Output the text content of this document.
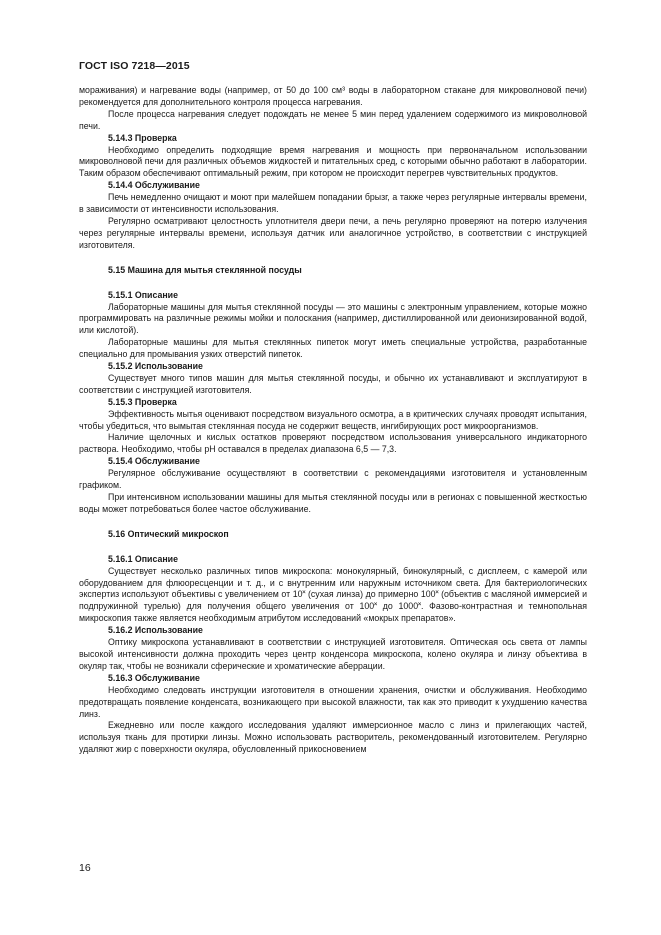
ГОСТ ISO 7218—2015

мораживания) и нагревание воды (например, от 50 до 100 см³ воды в лабораторном стакане для микроволновой печи) рекомендуется для дополнительного контроля процесса нагревания.

После процесса нагревания следует подождать не менее 5 мин перед удалением содержимого из микроволновой печи.

5.14.3 Проверка

Необходимо определить подходящие время нагревания и мощность при первоначальном использовании микроволновой печи для различных объемов жидкостей и питательных сред, с которыми обычно работают в лаборатории. Таким образом обеспечивают оптимальный режим, при котором не происходит перегрев чувствительных продуктов.

5.14.4 Обслуживание

Печь немедленно очищают и моют при малейшем попадании брызг, а также через регулярные интервалы времени, в зависимости от интенсивности использования.

Регулярно осматривают целостность уплотнителя двери печи, а печь регулярно проверяют на потерю излучения через регулярные интервалы времени, используя датчик или аналогичное устройство, в соответствии с инструкцией изготовителя.

5.15 Машина для мытья стеклянной посуды
5.15.1 Описание

Лабораторные машины для мытья стеклянной посуды — это машины с электронным управлением, которые можно программировать на различные режимы мойки и полоскания (например, дистиллированной или деионизированной водой, или кислотой).

Лабораторные машины для мытья стеклянных пипеток могут иметь специальные устройства, разработанные специально для промывания узких отверстий пипеток.

5.15.2 Использование

Существует много типов машин для мытья стеклянной посуды, и обычно их устанавливают и эксплуатируют в соответствии с инструкцией изготовителя.

5.15.3 Проверка

Эффективность мытья оценивают посредством визуального осмотра, а в критических случаях проводят испытания, чтобы убедиться, что вымытая стеклянная посуда не содержит веществ, ингибирующих рост микроорганизмов.

Наличие щелочных и кислых остатков проверяют посредством использования универсального индикаторного раствора. Необходимо, чтобы pH оставался в пределах диапазона 6,5 — 7,3.

5.15.4 Обслуживание

Регулярное обслуживание осуществляют в соответствии с рекомендациями изготовителя и установленным графиком.

При интенсивном использовании машины для мытья стеклянной посуды или в регионах с повышенной жесткостью воды может потребоваться более частое обслуживание.

5.16 Оптический микроскоп
5.16.1 Описание

Существует несколько различных типов микроскопа: монокулярный, бинокулярный, с дисплеем, с камерой или оборудованием для флюоресценции и т. д., и с внутренним или наружным источником света. Для бактериологических экспертиз используют объективы с увеличением от 10˟ (сухая линза) до примерно 100˟ (объектив с масляной иммерсией и подпружинной турелью) для получения общего увеличения от 100˟ до 1000˟. Фазово-контрастная и темнопольная микроскопия также является необходимым атрибутом исследований «мокрых препаратов».

5.16.2 Использование

Оптику микроскопа устанавливают в соответствии с инструкцией изготовителя. Оптическая ось света от лампы высокой интенсивности должна проходить через центр конденсора микроскопа, колено окуляра и линзу объектива в окуляр так, чтобы не возникали сферические и хроматические аберрации.

5.16.3 Обслуживание

Необходимо следовать инструкции изготовителя в отношении хранения, очистки и обслуживания. Необходимо предотвращать появление конденсата, возникающего при высокой влажности, так как это приводит к ухудшению качества линз.

Ежедневно или после каждого исследования удаляют иммерсионное масло с линз и прилегающих частей, используя ткань для протирки линзы. Можно использовать растворитель, рекомендованный изготовителем. Регулярно удаляют жир с поверхности окуляра, обусловленный прикосновением

16
